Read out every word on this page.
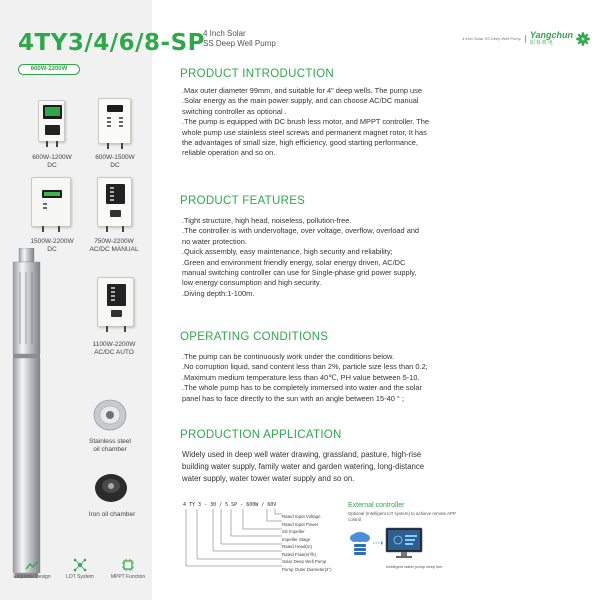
4TY3/4/6/8-SP
4 Inch Solar
SS Deep Well Pump
600W-2200W
4 Inch Solar SS Deep Well Pump Yangchun
阳春机电
600W-1200W
DC
600W-1500W
DC
1500W-2200W
DC
750W-2200W
AC/DC MANUAL
1100W-2200W
AC/DC AUTO
Stainless steel
oil chamber
Iron oil chamber
Exquisite Design	LOT System	MPPT Function
PRODUCT INTRODUCTION

.Max outer diameter 99mm, and suitable for 4" deep wells. The pump use

.Solar energy as the main power supply, and can choose AC/DC manual

switching controller as optional .

.The pump is equipped with DC brush less motor, and MPPT controller. The

whole pump use stainless steel screws and permanent magnet rotor, It has

the advantages of small size, high efficiency, good starting performance,

reliable operation and so on.

PRODUCT FEATURES

.Tight structure, high head, noiseless, pollution-free.

.The controller is with undervoltage, over voltage, overflow, overload and

no water protection.

.Quick assembly, easy maintenance, high security and reliability;

.Green and environment friendly energy, solar energy driven, AC/DC

manual switching controller can use for Single-phase grid power supply,

low energy consumption and high security.

.Diving depth:1-100m.

OPERATING CONDITIONS

.The pump can be continuously work under the conditions below.

.No corruption liquid, sand content less than 2%, particle size less than 0.2;

.Maximum medium temperature less than 40℃, PH value between 5-10.

.The whole pump has to be completely immersed into water and the solar

panel has to face directly to the sun with an angle between 15-40 ° ;

PRODUCTION APPLICATION

Widely used in deep well water drawing, grassland, pasture, high-rise

building water supply, family water and garden watering, long-distance

water supply, water tower water supply and so on.

4 TY 3 - 30 / 5 SP - 600W / 60V

Rated Input Voltage

Rated Input Power

SS Impeller

Impeller Stage

Rated Head(m)

Rated Flow(m³/h)

Solar Deep Well Pump

Pump Outer Diameter(4")

External controller
Optional (Intelligent IoT system) to achieve remote APP control
Intelligent water pump deep line
